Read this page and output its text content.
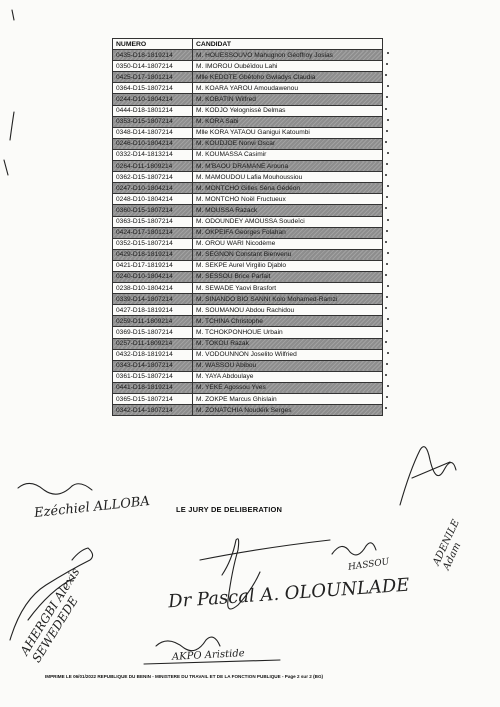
NUMERO	CANDIDAT
0435-D18-1819214	M. HOUESSOUVO Mahugnon Géoffroy Josias
0350-D14-1807214	M. IMOROU Oubéïdou Lahi
0425-D17-1801214	Mlle KEDOTE Gbêtoho Gwladys Claudia
0364-D15-1807214	M. KOARA YAROU Amoudawenou
0244-D10-1804214	M. KOBATIN Wilfred
0444-D18-1801214	M. KODJO Yelognissè Delmas
0353-D15-1807214	M. KORA Sabi
0348-D14-1807214	Mlle KORA YATAOU Ganigui Katoumbi
0246-D10-1804214	M. KOUDJOE Nonvi Oscar
0332-D14-1813214	M. KOUMASSA Casimir
0264-D11-1809214	M. M'BAOU DRAMANE Arouna
0362-D15-1807214	M. MAMOUDOU Lafia Mouhoussiou
0247-D10-1804214	M. MONTCHO Gilles Sèna Gédéon
0248-D10-1804214	M. MONTCHO Noël Fructueux
0360-D15-1807214	M. MOUSSA Razack
0363-D15-1807214	M. ODOUNDEY AMOUSSA Soudeïci
0424-D17-1801214	M. OKPEIFA Georges Folahan
0352-D15-1807214	M. OROU WARI Nicodème
0429-D18-1819214	M. SEGNON Constant Bienvenu
0421-D17-1819214	M. SEKPE Aurel Virgilio Djablo
0240-D10-1804214	M. SESSOU Brice Parfait
0238-D10-1804214	M. SEWADE Yaovi Brasfort
0339-D14-1807214	M. SINANDO BIO SANNI Kolo Mohamed-Ramzi
0427-D18-1819214	M. SOUMANOU Abdou Rachidou
0259-D11-1809214	M. TCHINA Christophe
0369-D15-1807214	M. TCHOKPONHOUE Urbain
0257-D11-1809214	M. TOKOU Razak
0432-D18-1819214	M. VODOUNNON Joselito Wilfried
0343-D14-1807214	M. WASSOU Abibou
0361-D15-1807214	M. YAYA Abdoulaye
0441-D18-1819214	M. YEKE Agossou Yves
0365-D15-1807214	M. ZOKPE Marcus Ghislain
0342-D14-1807214	M. ZONATCHIA Noudéïk Serges
LE JURY DE DELIBERATION
Ezéchiel ALLOBA
Dr Pascal A. OLOUNLADE
AHERGBI Alexis SEWEDEDE
HASSOU
AKPO Aristide
ADENILE Adam
IMPRIME LE 06/01/2022 REPUBLIQUE DU BENIN - MINISTERE DU TRAVAIL ET DE LA FONCTION PUBLIQUE - Page 2 sur 2 (BG)
